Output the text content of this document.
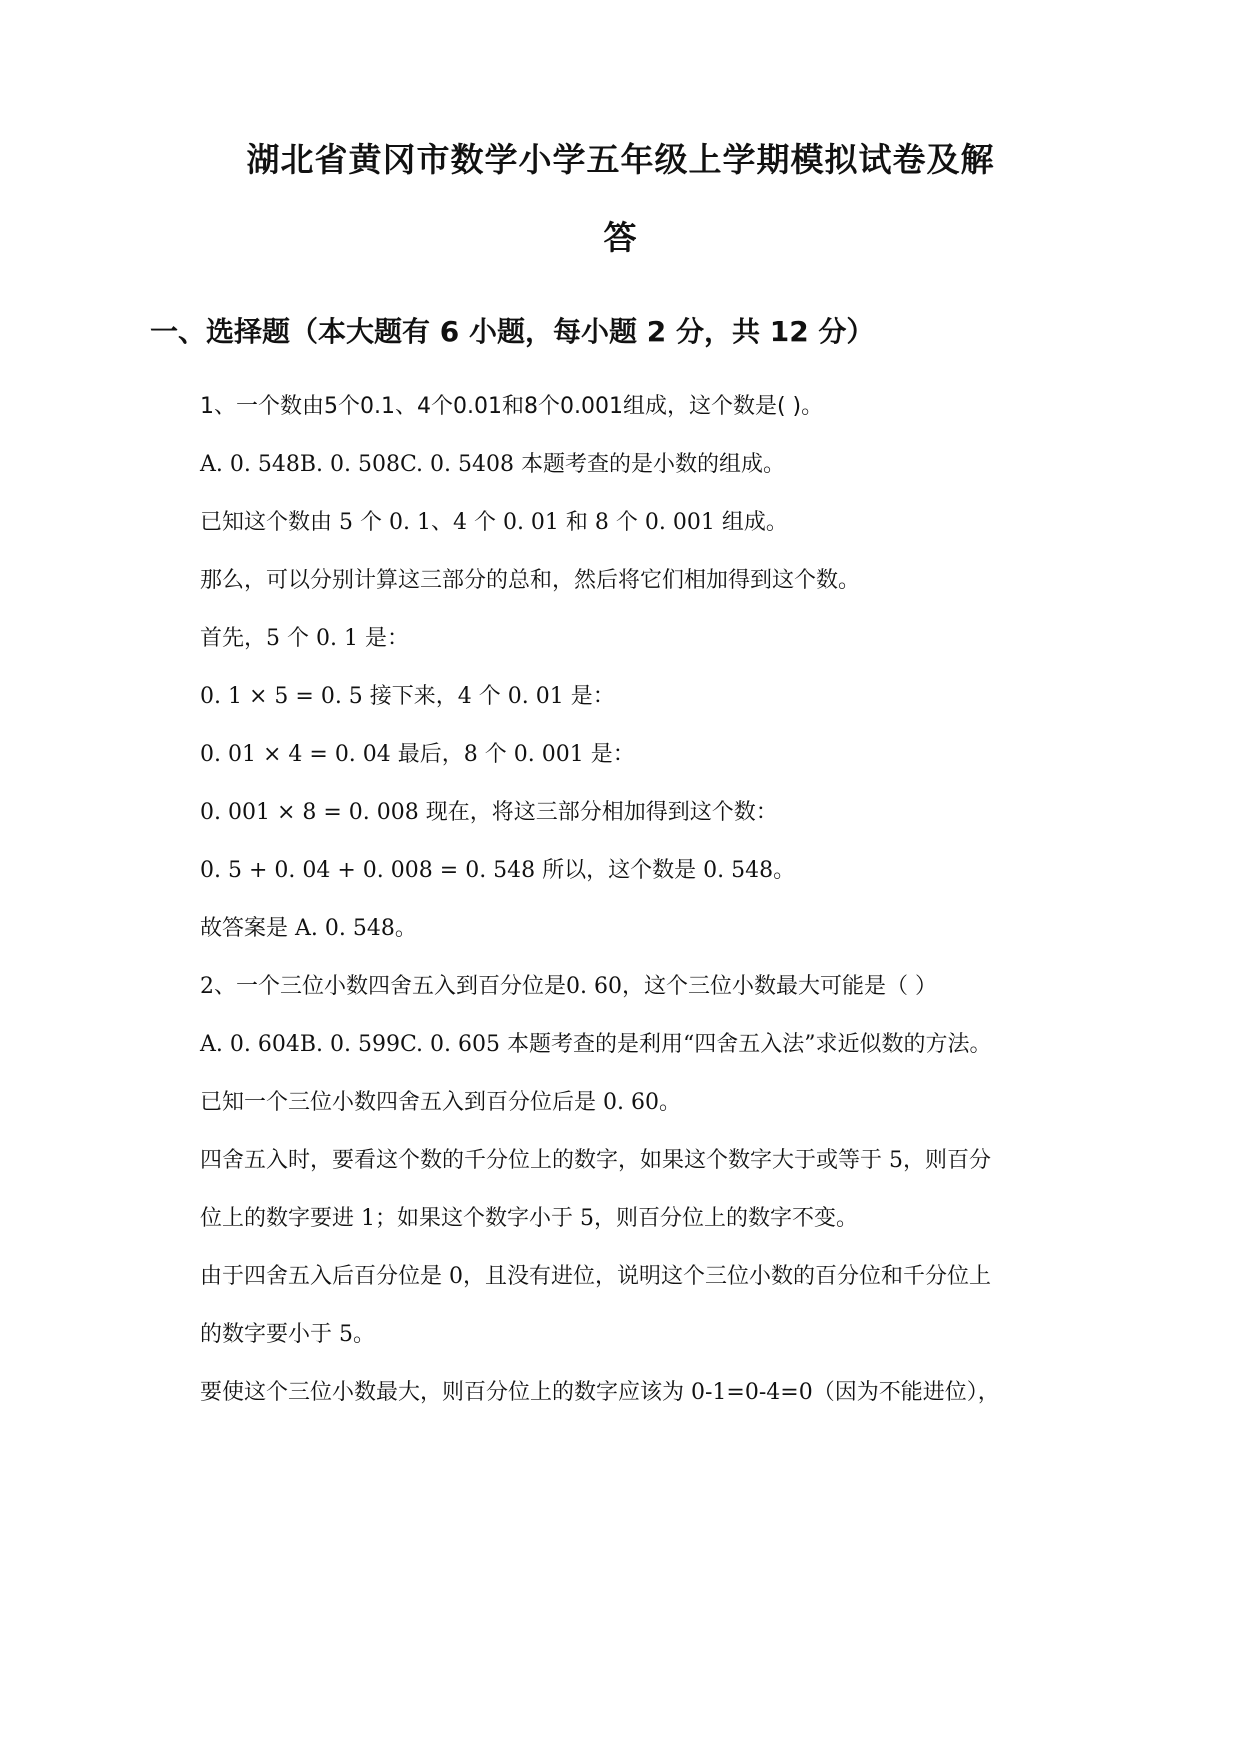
湖北省黄冈市数学小学五年级上学期模拟试卷及解
答
一、选择题（本大题有 6 小题，每小题 2 分，共 12 分）
1、一个数由5个0.1、4个0.01和8个0.001组成，这个数是( )。
A. 0. 548B. 0. 508C. 0. 5408 本题考查的是小数的组成。
已知这个数由 5 个 0. 1、4 个 0. 01 和 8 个 0. 001 组成。
那么，可以分别计算这三部分的总和，然后将它们相加得到这个数。
首先，5 个 0. 1 是：
0. 1 × 5 = 0. 5 接下来，4 个 0. 01 是：
0. 01 × 4 = 0. 04 最后，8 个 0. 001 是：
0. 001 × 8 = 0. 008 现在，将这三部分相加得到这个数：
0. 5 + 0. 04 + 0. 008 = 0. 548 所以，这个数是 0. 548。
故答案是 A. 0. 548。
2、一个三位小数四舍五入到百分位是0. 60，这个三位小数最大可能是（ ）
A. 0. 604B. 0. 599C. 0. 605 本题考查的是利用“四舍五入法”求近似数的方法。
已知一个三位小数四舍五入到百分位后是 0. 60。
四舍五入时，要看这个数的千分位上的数字，如果这个数字大于或等于 5，则百分
位上的数字要进 1；如果这个数字小于 5，则百分位上的数字不变。
由于四舍五入后百分位是 0，且没有进位，说明这个三位小数的百分位和千分位上
的数字要小于 5。
要使这个三位小数最大，则百分位上的数字应该为 0-1=0-4=0（因为不能进位），
